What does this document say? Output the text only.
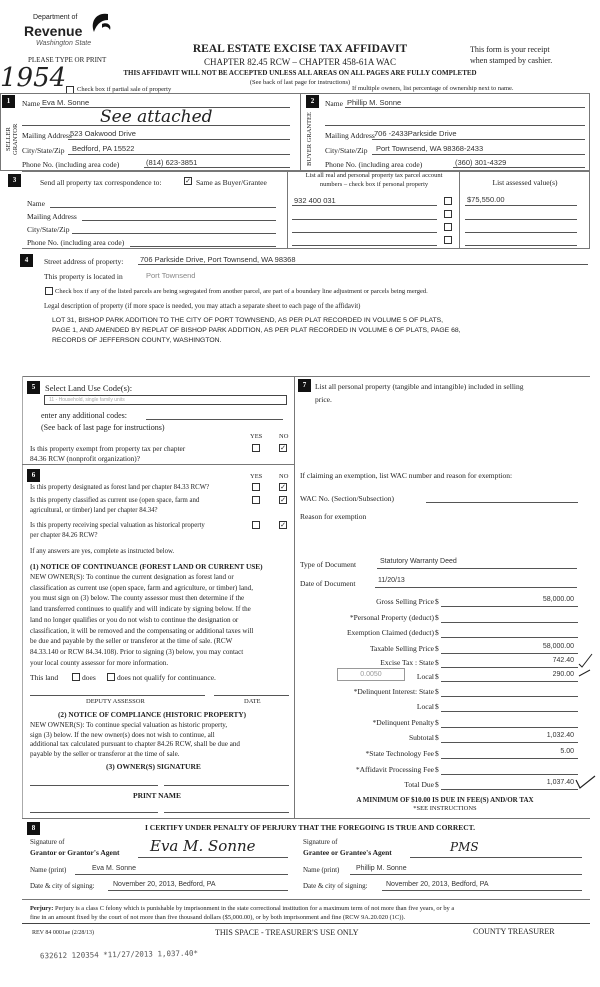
Department of
Revenue
Washington State	REAL ESTATE EXCISE TAX AFFIDAVIT
CHAPTER 82.45 RCW – CHAPTER 458-61A WAC
THIS AFFIDAVIT WILL NOT BE ACCEPTED UNLESS ALL AREAS ON ALL PAGES ARE FULLY COMPLETED
(See back of last page for instructions)
This form is your receipt
when stamped by cashier.
PLEASE TYPE OR PRINT
1954 Check box if partial sale of property	If multiple owners, list percentage of ownership next to name.
1
SELLER GRANTOR
Name Eva M. Sonne
See attached
Mailing Address
523 Oakwood Drive
City/State/Zip Bedford, PA 15522
Phone No. (including area code)	(814) 623-3851
2
BUYER GRANTEE
Name Phillip M. Sonne
Mailing Address 706 -2433Parkside Drive
City/State/Zip Port Townsend, WA 98368-2433
Phone No. (including area code)	(360) 301-4329
3	Send all property tax correspondence to:	✓ Same as Buyer/Grantee
List all real and personal property tax parcel account
numbers – check box if personal property	List assessed value(s)
Name
Mailing Address
City/State/Zip
Phone No. (including area code)
932 400 031	$75,550.00
4	Street address of property: 706 Parkside Drive, Port Townsend, WA 98368
This property is located in	Port Townsend
Check box if any of the listed parcels are being segregated from another parcel, are part of a boundary line adjustment or parcels being merged.
Legal description of property (if more space is needed, you may attach a separate sheet to each page of the affidavit)
LOT 31, BISHOP PARK ADDITION TO THE CITY OF PORT TOWNSEND, AS PER PLAT RECORDED IN VOLUME 5 OF PLATS,
PAGE 1, AND AMENDED BY REPLAT OF BISHOP PARK ADDITION, AS PER PLAT RECORDED IN VOLUME 6 OF PLATS, PAGE 68,
RECORDS OF JEFFERSON COUNTY, WASHINGTON.
5	Select Land Use Code(s):
11 - Household, single family units
enter any additional codes:
(See back of last page for instructions)
YES	NO
Is this property exempt from property tax per chapter
84.36 RCW (nonprofit organization)?
✓
6	YES	NO
Is this property designated as forest land per chapter 84.33 RCW?	✓
Is this property classified as current use (open space, farm and
agricultural, or timber) land per chapter 84.34?
✓
Is this property receiving special valuation as historical property
per chapter 84.26 RCW?
✓
If any answers are yes, complete as instructed below.
(1) NOTICE OF CONTINUANCE (FOREST LAND OR CURRENT USE)
NEW OWNER(S): To continue the current designation as forest land or
classification as current use (open space, farm and agriculture, or timber) land,
you must sign on (3) below. The county assessor must then determine if the
land transferred continues to qualify and will indicate by signing below. If the
land no longer qualifies or you do not wish to continue the designation or
classification, it will be removed and the compensating or additional taxes will
be due and payable by the seller or transferor at the time of sale. (RCW
84.33.140 or RCW 84.34.108). Prior to signing (3) below, you may contact
your local county assessor for more information.
This land	does	does not qualify for continuance.
DEPUTY ASSESSOR	DATE
(2) NOTICE OF COMPLIANCE (HISTORIC PROPERTY)
NEW OWNER(S): To continue special valuation as historic property,
sign (3) below. If the new owner(s) does not wish to continue, all
additional tax calculated pursuant to chapter 84.26 RCW, shall be due and
payable by the seller or transferor at the time of sale.
(3) OWNER(S) SIGNATURE
PRINT NAME
7	List all personal property (tangible and intangible) included in selling
price.
If claiming an exemption, list WAC number and reason for exemption:
WAC No. (Section/Subsection)
Reason for exemption
Type of Document	Statutory Warranty Deed
Date of Document	11/20/13
0.0050
Gross Selling Price $	58,000.00
*Personal Property (deduct) $
Exemption Claimed (deduct) $
Taxable Selling Price $	58,000.00
Excise Tax : State $	742.40
Local $	290.00
*Delinquent Interest: State $
Local $
*Delinquent Penalty $
Subtotal $	1,032.40
*State Technology Fee $	5.00
*Affidavit Processing Fee $
Total Due $	1,037.40
A MINIMUM OF $10.00 IS DUE IN FEE(S) AND/OR TAX
*SEE INSTRUCTIONS
8	I CERTIFY UNDER PENALTY OF PERJURY THAT THE FOREGOING IS TRUE AND CORRECT.
Signature of
Grantor or Grantor's Agent Eva M. Sonne
Name (print)	Eva M. Sonne
Date & city of signing:	November 20, 2013, Bedford, PA
Signature of
Grantee or Grantee's Agent	PMS
Name (print) Phillip M. Sonne
Date & city of signing:	November 20, 2013, Bedford, PA
Perjury: Perjury is a class C felony which is punishable by imprisonment in the state correctional institution for a maximum term of not more than five years, or by a
fine in an amount fixed by the court of not more than five thousand dollars ($5,000.00), or by both imprisonment and fine (RCW 9A.20.020 (1C)).
REV 84 0001ae (2/28/13)	THIS SPACE - TREASURER'S USE ONLY	COUNTY TREASURER
632612 120354 *11/27/2013 1,037.40*
